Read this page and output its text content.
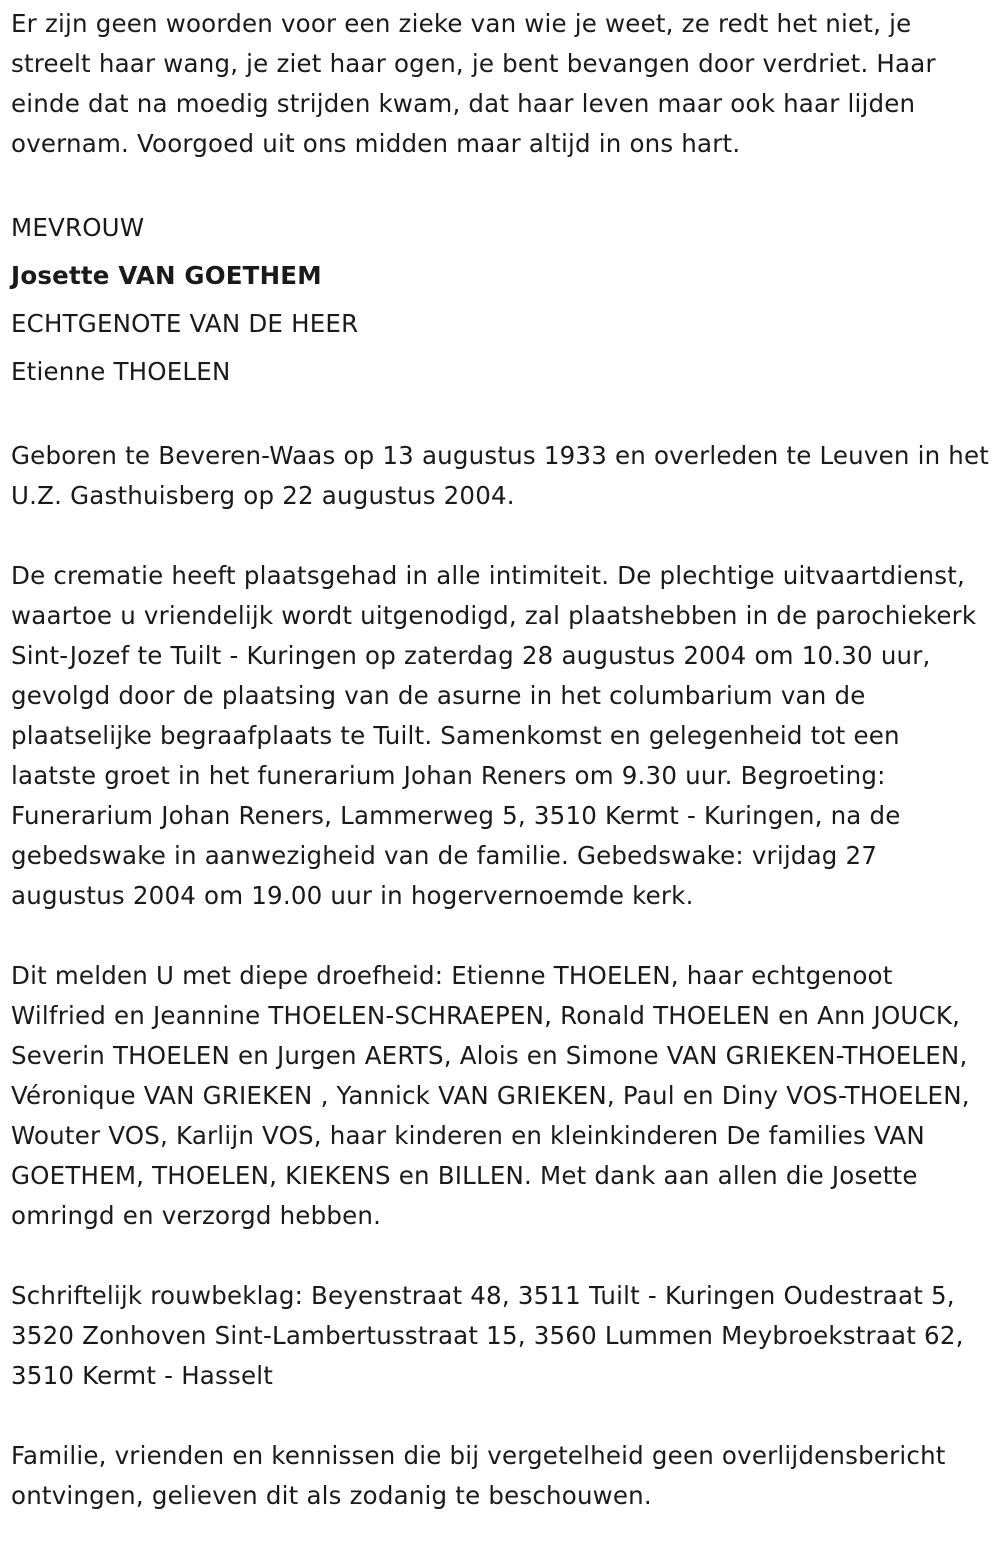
Er zijn geen woorden voor een zieke van wie je weet, ze redt het niet, je streelt haar wang, je ziet haar ogen, je bent bevangen door verdriet. Haar einde dat na moedig strijden kwam, dat haar leven maar ook haar lijden overnam. Voorgoed uit ons midden maar altijd in ons hart.

MEVROUW

Josette VAN GOETHEM

ECHTGENOTE VAN DE HEER

Etienne THOELEN

Geboren te Beveren-Waas op 13 augustus 1933 en overleden te Leuven in het U.Z. Gasthuisberg op 22 augustus 2004.

De crematie heeft plaatsgehad in alle intimiteit. De plechtige uitvaartdienst, waartoe u vriendelijk wordt uitgenodigd, zal plaatshebben in de parochiekerk Sint-Jozef te Tuilt - Kuringen op zaterdag 28 augustus 2004 om 10.30 uur, gevolgd door de plaatsing van de asurne in het columbarium van de plaatselijke begraafplaats te Tuilt. Samenkomst en gelegenheid tot een laatste groet in het funerarium Johan Reners om 9.30 uur. Begroeting: Funerarium Johan Reners, Lammerweg 5, 3510 Kermt - Kuringen, na de gebedswake in aanwezigheid van de familie. Gebedswake: vrijdag 27 augustus 2004 om 19.00 uur in hogervernoemde kerk.

Dit melden U met diepe droefheid: Etienne THOELEN, haar echtgenoot Wilfried en Jeannine THOELEN-SCHRAEPEN, Ronald THOELEN en Ann JOUCK, Severin THOELEN en Jurgen AERTS, Alois en Simone VAN GRIEKEN-THOELEN, Véronique VAN GRIEKEN , Yannick VAN GRIEKEN, Paul en Diny VOS-THOELEN, Wouter VOS, Karlijn VOS, haar kinderen en kleinkinderen De families VAN GOETHEM, THOELEN, KIEKENS en BILLEN. Met dank aan allen die Josette omringd en verzorgd hebben.

Schriftelijk rouwbeklag: Beyenstraat 48, 3511 Tuilt - Kuringen Oudestraat 5, 3520 Zonhoven Sint-Lambertusstraat 15, 3560 Lummen Meybroekstraat 62, 3510 Kermt - Hasselt

Familie, vrienden en kennissen die bij vergetelheid geen overlijdensbericht ontvingen, gelieven dit als zodanig te beschouwen.
